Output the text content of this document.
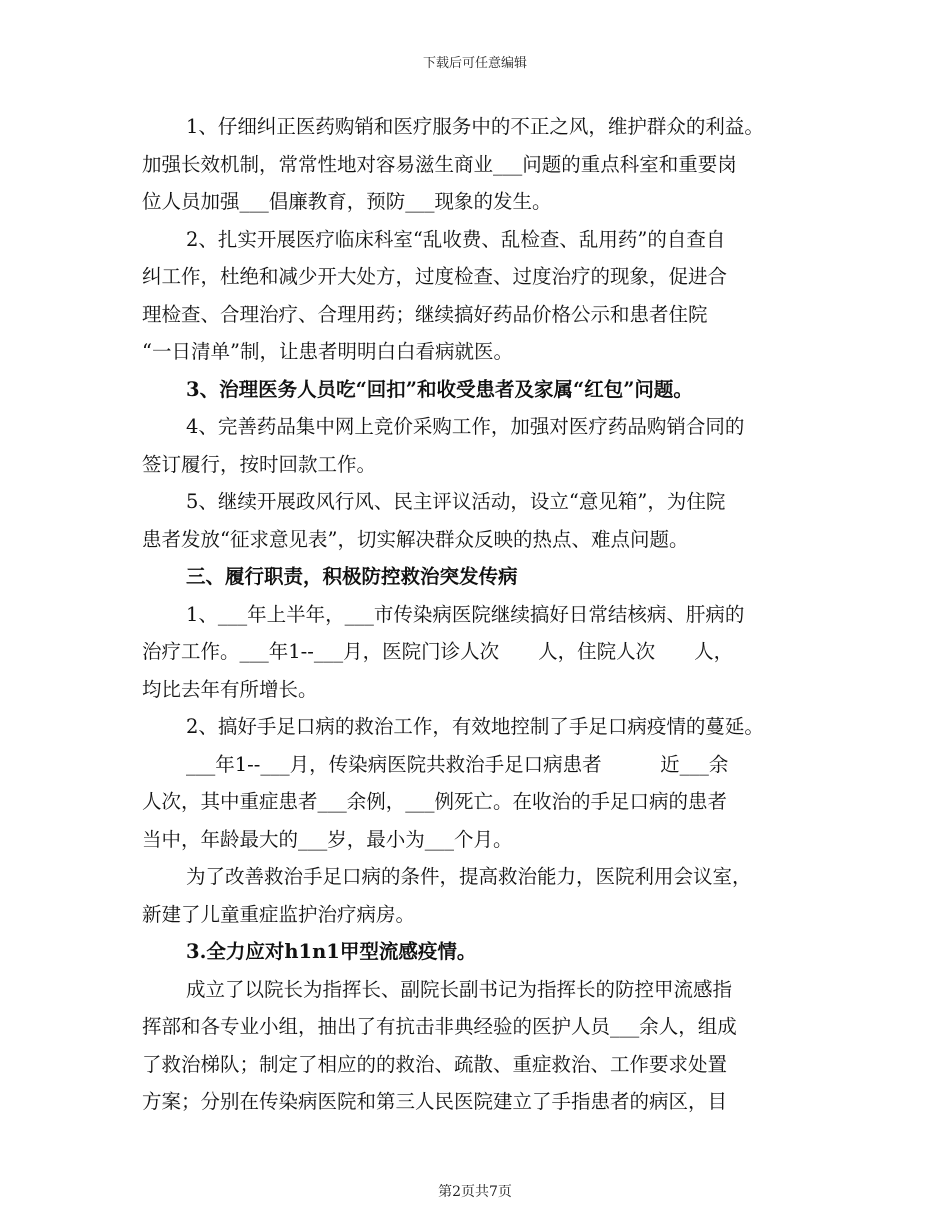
下载后可任意编辑
1、仔细纠正医药购销和医疗服务中的不正之风，维护群众的利益。
加强长效机制，常常性地对容易滋生商业___问题的重点科室和重要岗
位人员加强___倡廉教育，预防___现象的发生。
2、扎实开展医疗临床科室“乱收费、乱检查、乱用药”的自查自
纠工作，杜绝和减少开大处方，过度检查、过度治疗的现象，促进合
理检查、合理治疗、合理用药；继续搞好药品价格公示和患者住院
“一日清单”制，让患者明明白白看病就医。
3、治理医务人员吃“回扣”和收受患者及家属“红包”问题。
4、完善药品集中网上竞价采购工作，加强对医疗药品购销合同的
签订履行，按时回款工作。
5、继续开展政风行风、民主评议活动，设立“意见箱”，为住院
患者发放“征求意见表”，切实解决群众反映的热点、难点问题。
三、履行职责，积极防控救治突发传病
1、___年上半年，___市传染病医院继续搞好日常结核病、肝病的
治疗工作。___年1--___月，医院门诊人次　　人，住院人次　　人，
均比去年有所增长。
2、搞好手足口病的救治工作，有效地控制了手足口病疫情的蔓延。
___年1--___月，传染病医院共救治手足口病患者　　　近___余
人次，其中重症患者___余例，___例死亡。在收治的手足口病的患者
当中，年龄最大的___岁，最小为___个月。
为了改善救治手足口病的条件，提高救治能力，医院利用会议室，
新建了儿童重症监护治疗病房。
3.全力应对h1n1甲型流感疫情。
成立了以院长为指挥长、副院长副书记为指挥长的防控甲流感指
挥部和各专业小组，抽出了有抗击非典经验的医护人员___余人，组成
了救治梯队；制定了相应的的救治、疏散、重症救治、工作要求处置
方案；分别在传染病医院和第三人民医院建立了手指患者的病区，目
第2页共7页
